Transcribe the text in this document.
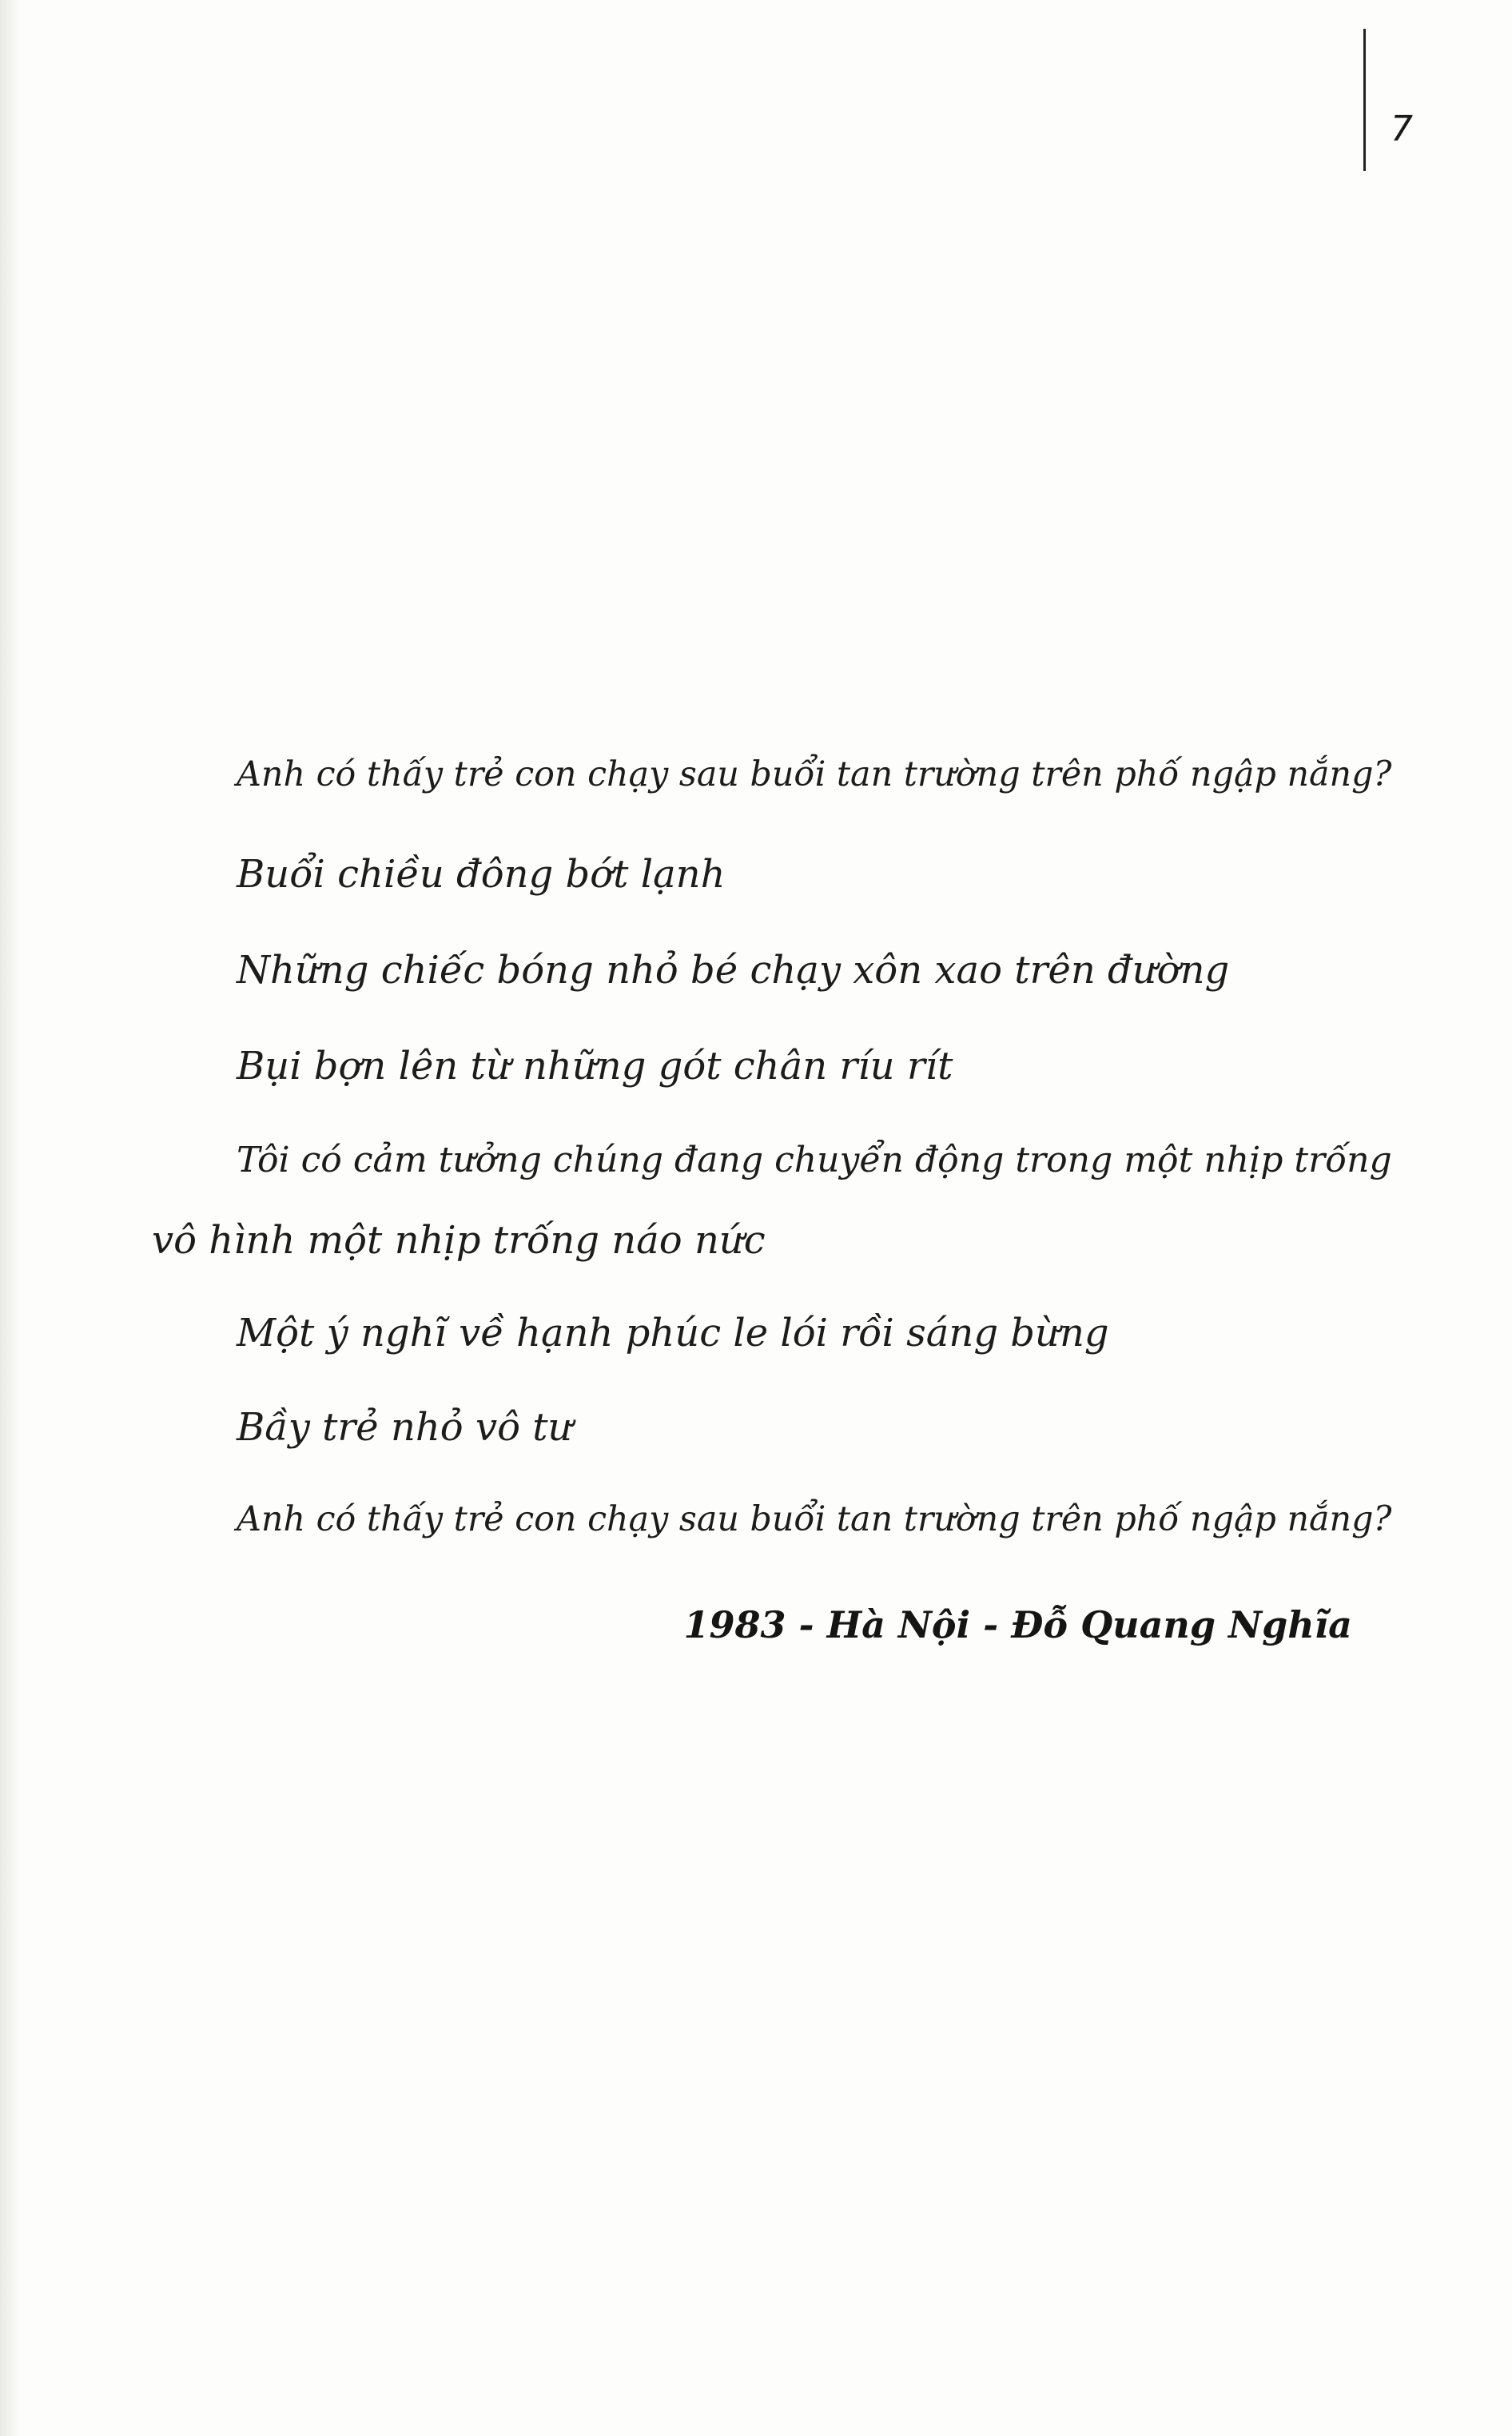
7
Anh có thấy trẻ con chạy sau buổi tan trường trên phố ngập nắng?
Buổi chiều đông bớt lạnh
Những chiếc bóng nhỏ bé chạy xôn xao trên đường
Bụi bợn lên từ những gót chân ríu rít
Tôi có cảm tưởng chúng đang chuyển động trong một nhịp trống
vô hình một nhịp trống náo nức
Một ý nghĩ về hạnh phúc le lói rồi sáng bừng
Bầy trẻ nhỏ vô tư
Anh có thấy trẻ con chạy sau buổi tan trường trên phố ngập nắng?
1983 - Hà Nội - Đỗ Quang Nghĩa
